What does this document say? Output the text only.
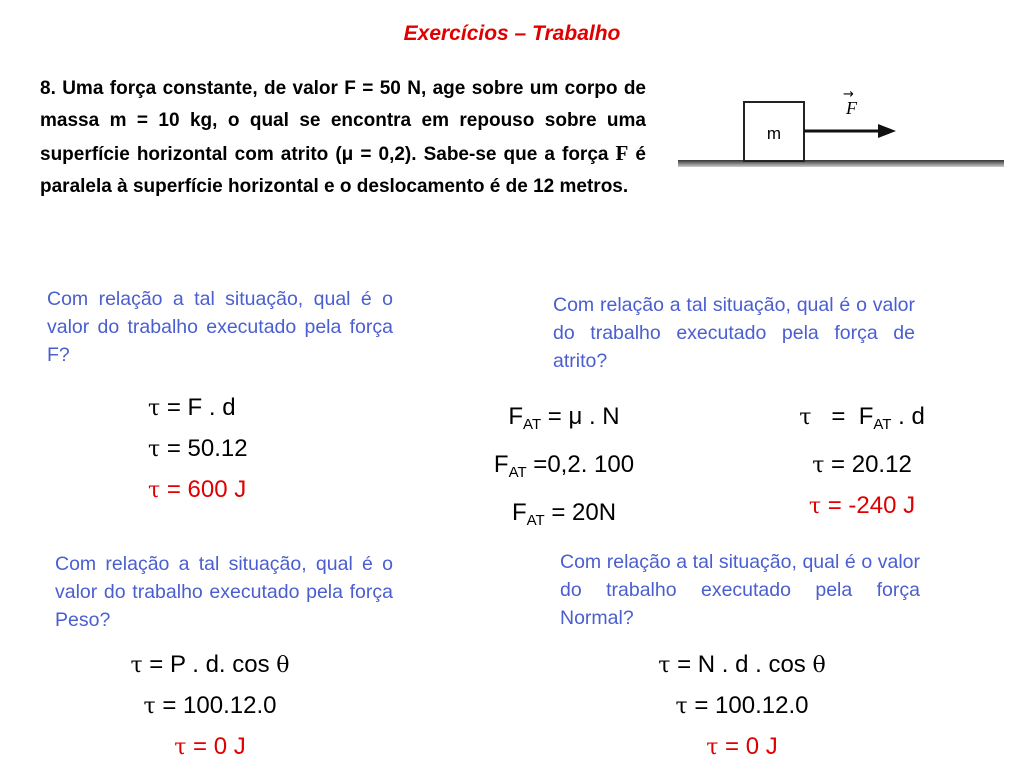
Exercícios – Trabalho
8. Uma força constante, de valor F = 50 N, age sobre um corpo de massa m = 10 kg, o qual se encontra em repouso sobre uma superfície horizontal com atrito (μ = 0,2). Sabe-se que a força F é paralela à superfície horizontal e o deslocamento é de 12 metros.
m
F
→
Com relação a tal situação, qual é o valor do trabalho executado pela força F?
τ = F . d
τ = 50.12
τ = 600 J
Com relação a tal situação, qual é o valor do trabalho executado pela força de atrito?
$F_{AT} = \mu$ . N
$F_{AT} =0,2$. 100
$F_{AT} = 20N$
$\tau = F_{AT}$ . d
τ = 20.12
τ = -240 J
Com relação a tal situação, qual é o valor do trabalho executado pela força Peso?
τ = P . d. cos θ
τ = 100.12.0
τ = 0 J
Com relação a tal situação, qual é o valor do trabalho executado pela força Normal?
τ = N . d . cos θ
τ = 100.12.0
τ = 0 J
